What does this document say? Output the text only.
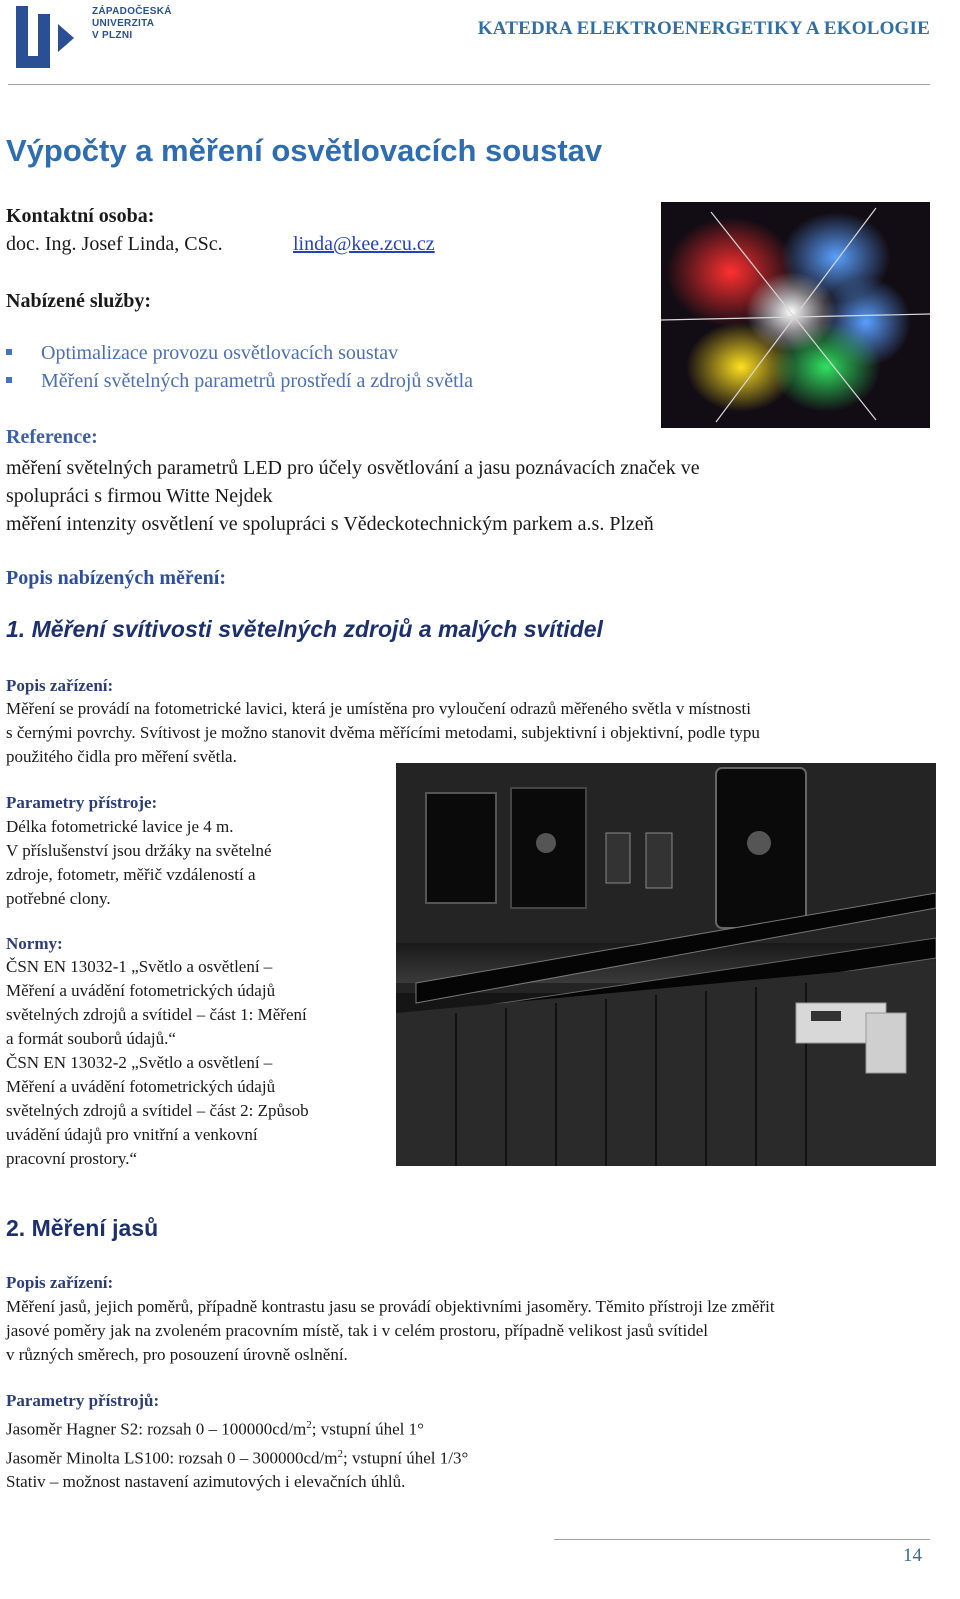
ZÁPADOČESKÁ
UNIVERZITA
V PLZNI	KATEDRA ELEKTROENERGETIKY A EKOLOGIE
Výpočty a měření osvětlovacích soustav
Kontaktní osoba:
doc. Ing. Josef Linda, CSc.	linda@kee.zcu.cz
Nabízené služby:
Optimalizace provozu osvětlovacích soustav
Měření světelných parametrů prostředí a zdrojů světla
Reference:
měření světelných parametrů LED pro účely osvětlování a jasu poznávacích značek ve
spolupráci s firmou Witte Nejdek
měření intenzity osvětlení ve spolupráci s Vědeckotechnickým parkem a.s. Plzeň
Popis nabízených měření:
1. Měření svítivosti světelných zdrojů a malých svítidel
Popis zařízení:
Měření se provádí na fotometrické lavici, která je umístěna pro vyloučení odrazů měřeného světla v místnosti
s černými povrchy. Svítivost je možno stanovit dvěma měřícími metodami, subjektivní i objektivní, podle typu
použitého čidla pro měření světla.
Parametry přístroje:
Délka fotometrické lavice je 4 m.
V příslušenství jsou držáky na světelné
zdroje, fotometr, měřič vzdáleností a
potřebné clony.
Normy:
ČSN EN 13032-1 „Světlo a osvětlení –
Měření a uvádění fotometrických údajů
světelných zdrojů a svítidel – část 1: Měření
a formát souborů údajů.“
ČSN EN 13032-2 „Světlo a osvětlení –
Měření a uvádění fotometrických údajů
světelných zdrojů a svítidel – část 2: Způsob
uvádění údajů pro vnitřní a venkovní
pracovní prostory.“
2. Měření jasů
Popis zařízení:
Měření jasů, jejich poměrů, případně kontrastu jasu se provádí objektivními jasoměry. Těmito přístroji lze změřit
jasové poměry jak na zvoleném pracovním místě, tak i v celém prostoru, případně velikost jasů svítidel
v různých směrech, pro posouzení úrovně oslnění.
Parametry přístrojů:
Jasoměr Hagner S2: rozsah $0 - 100000cd/m^2$; vstupní úhel 1°
Jasoměr Minolta LS100: rozsah $0 - 300000cd/m^2$; vstupní úhel 1/3°
Stativ – možnost nastavení azimutových i elevačních úhlů.
14
